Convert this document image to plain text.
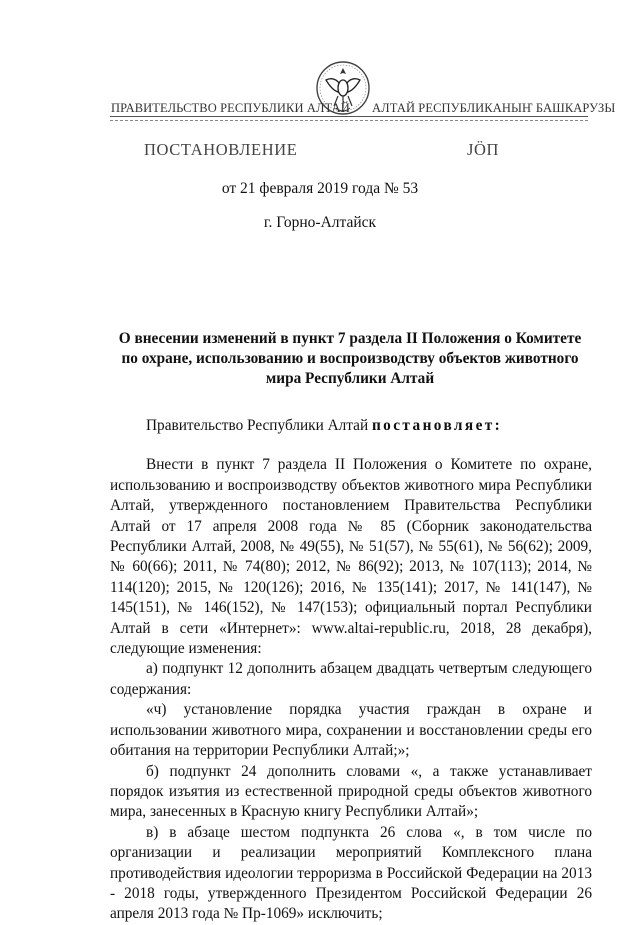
ПРАВИТЕЛЬСТВО РЕСПУБЛИКИ АЛТАЙ АЛТАЙ РЕСПУБЛИКАНЫҤ БАШКАРУЗЫ
ПОСТАНОВЛЕНИЕ	ЈÖП
от 21 февраля 2019 года № 53
г. Горно-Алтайск
О внесении изменений в пункт 7 раздела II Положения о Комитете по охране, использованию и воспроизводству объектов животного мира Республики Алтай

Правительство Республики Алтай постановляет:

Внести в пункт 7 раздела II Положения о Комитете по охране, использованию и воспроизводству объектов животного мира Республики Алтай, утвержденного постановлением Правительства Республики Алтай от 17 апреля 2008 года № 85 (Сборник законодательства Республики Алтай, 2008, № 49(55), № 51(57), № 55(61), № 56(62); 2009, № 60(66); 2011, № 74(80); 2012, № 86(92); 2013, № 107(113); 2014, № 114(120); 2015, № 120(126); 2016, № 135(141); 2017, № 141(147), № 145(151), № 146(152), № 147(153); официальный портал Республики Алтай в сети «Интернет»: www.altai-republic.ru, 2018, 28 декабря), следующие изменения:

а) подпункт 12 дополнить абзацем двадцать четвертым следующего содержания:

«ч) установление порядка участия граждан в охране и использовании животного мира, сохранении и восстановлении среды его обитания на территории Республики Алтай;»;

б) подпункт 24 дополнить словами «, а также устанавливает порядок изъятия из естественной природной среды объектов животного мира, занесенных в Красную книгу Республики Алтай»;

в) в абзаце шестом подпункта 26 слова «, в том числе по организации и реализации мероприятий Комплексного плана противодействия идеологии терроризма в Российской Федерации на 2013 - 2018 годы, утвержденного Президентом Российской Федерации 26 апреля 2013 года № Пр-1069» исключить;
